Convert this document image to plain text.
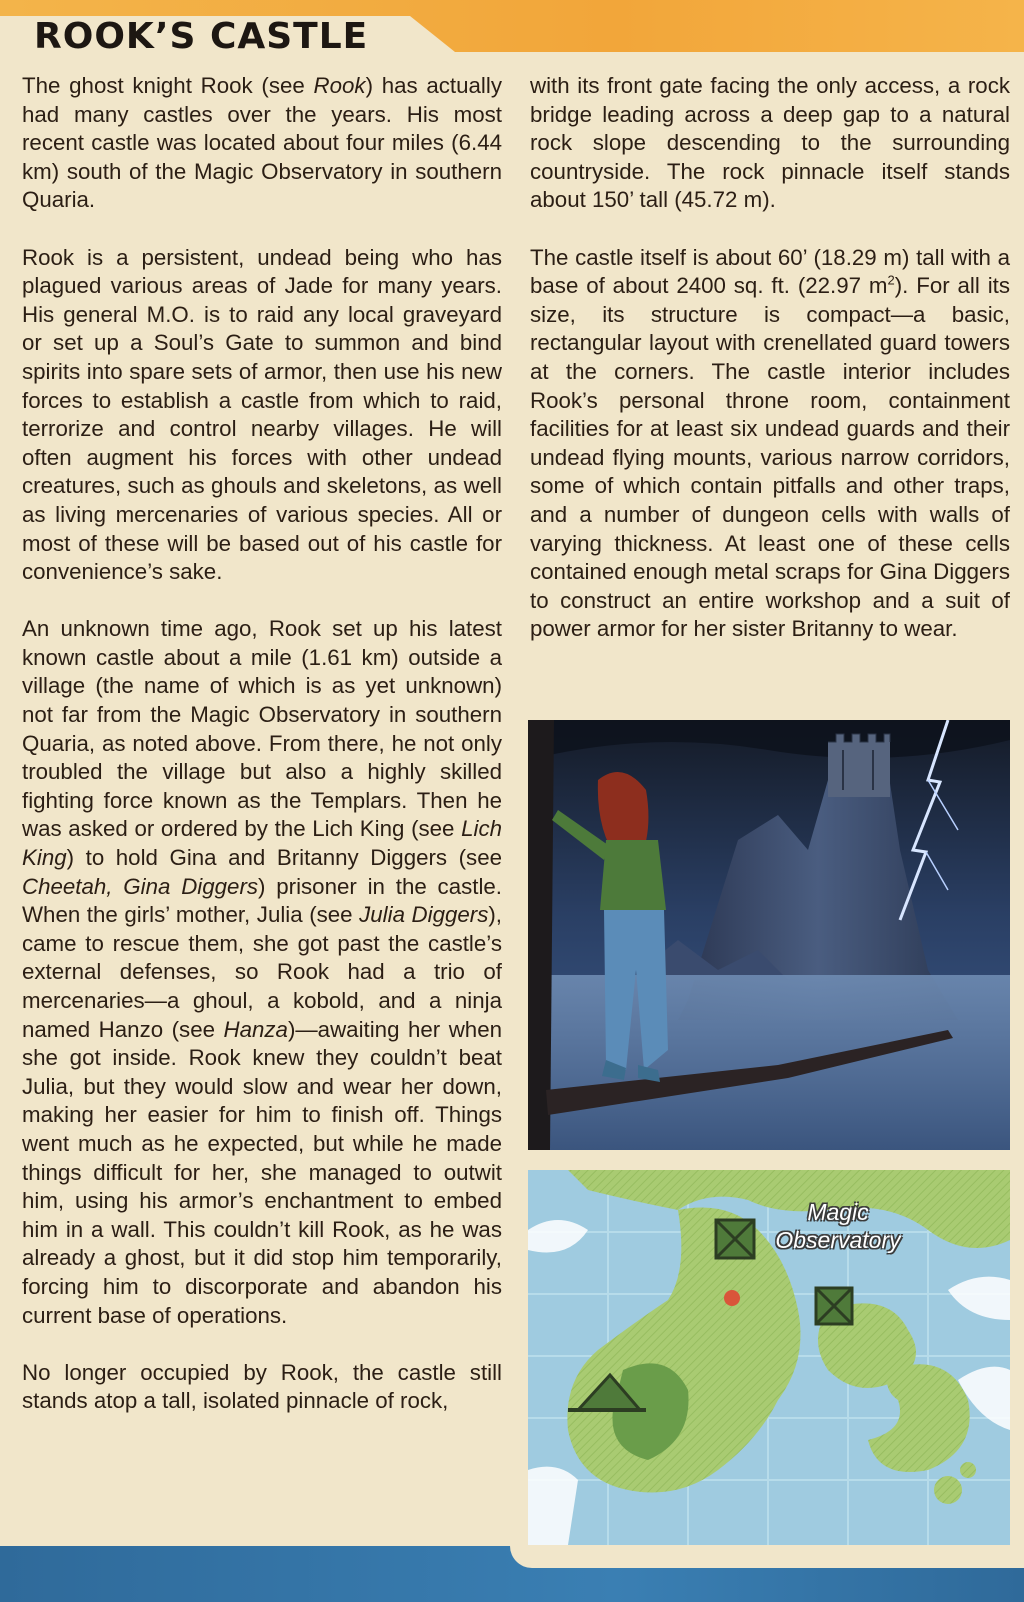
ROOK’S CASTLE

The ghost knight Rook (see Rook) has actually had many castles over the years. His most recent castle was located about four miles (6.44 km) south of the Magic Observatory in southern Quaria.

Rook is a persistent, undead being who has plagued various areas of Jade for many years. His general M.O. is to raid any local graveyard or set up a Soul’s Gate to summon and bind spirits into spare sets of armor, then use his new forces to establish a castle from which to raid, terrorize and control nearby villages. He will often augment his forces with other undead creatures, such as ghouls and skeletons, as well as living mercenaries of various species. All or most of these will be based out of his castle for convenience’s sake.

An unknown time ago, Rook set up his latest known castle about a mile (1.61 km) outside a village (the name of which is as yet unknown) not far from the Magic Observatory in southern Quaria, as noted above. From there, he not only troubled the village but also a highly skilled fighting force known as the Templars. Then he was asked or ordered by the Lich King (see Lich King) to hold Gina and Britanny Diggers (see Cheetah, Gina Diggers) prisoner in the castle. When the girls’ mother, Julia (see Julia Diggers), came to rescue them, she got past the castle’s external defenses, so Rook had a trio of mercenaries—a ghoul, a kobold, and a ninja named Hanzo (see Hanza)—awaiting her when she got inside. Rook knew they couldn’t beat Julia, but they would slow and wear her down, making her easier for him to finish off. Things went much as he expected, but while he made things difficult for her, she managed to outwit him, using his armor’s enchantment to embed him in a wall. This couldn’t kill Rook, as he was already a ghost, but it did stop him temporarily, forcing him to discorporate and abandon his current base of operations.

No longer occupied by Rook, the castle still stands atop a tall, isolated pinnacle of rock,

with its front gate facing the only access, a rock bridge leading across a deep gap to a natural rock slope descending to the surrounding countryside. The rock pinnacle itself stands about 150’ tall (45.72 m).

The castle itself is about 60’ (18.29 m) tall with a base of about 2400 sq. ft. (22.97 $m^2$). For all its size, its structure is compact—a basic, rectangular layout with crenellated guard towers at the corners. The castle interior includes Rook’s personal throne room, containment facilities for at least six undead guards and their undead flying mounts, various narrow corridors, some of which contain pitfalls and other traps, and a number of dungeon cells with walls of varying thickness. At least one of these cells contained enough metal scraps for Gina Diggers to construct an entire workshop and a suit of power armor for her sister Britanny to wear.

Magic
Observatory
